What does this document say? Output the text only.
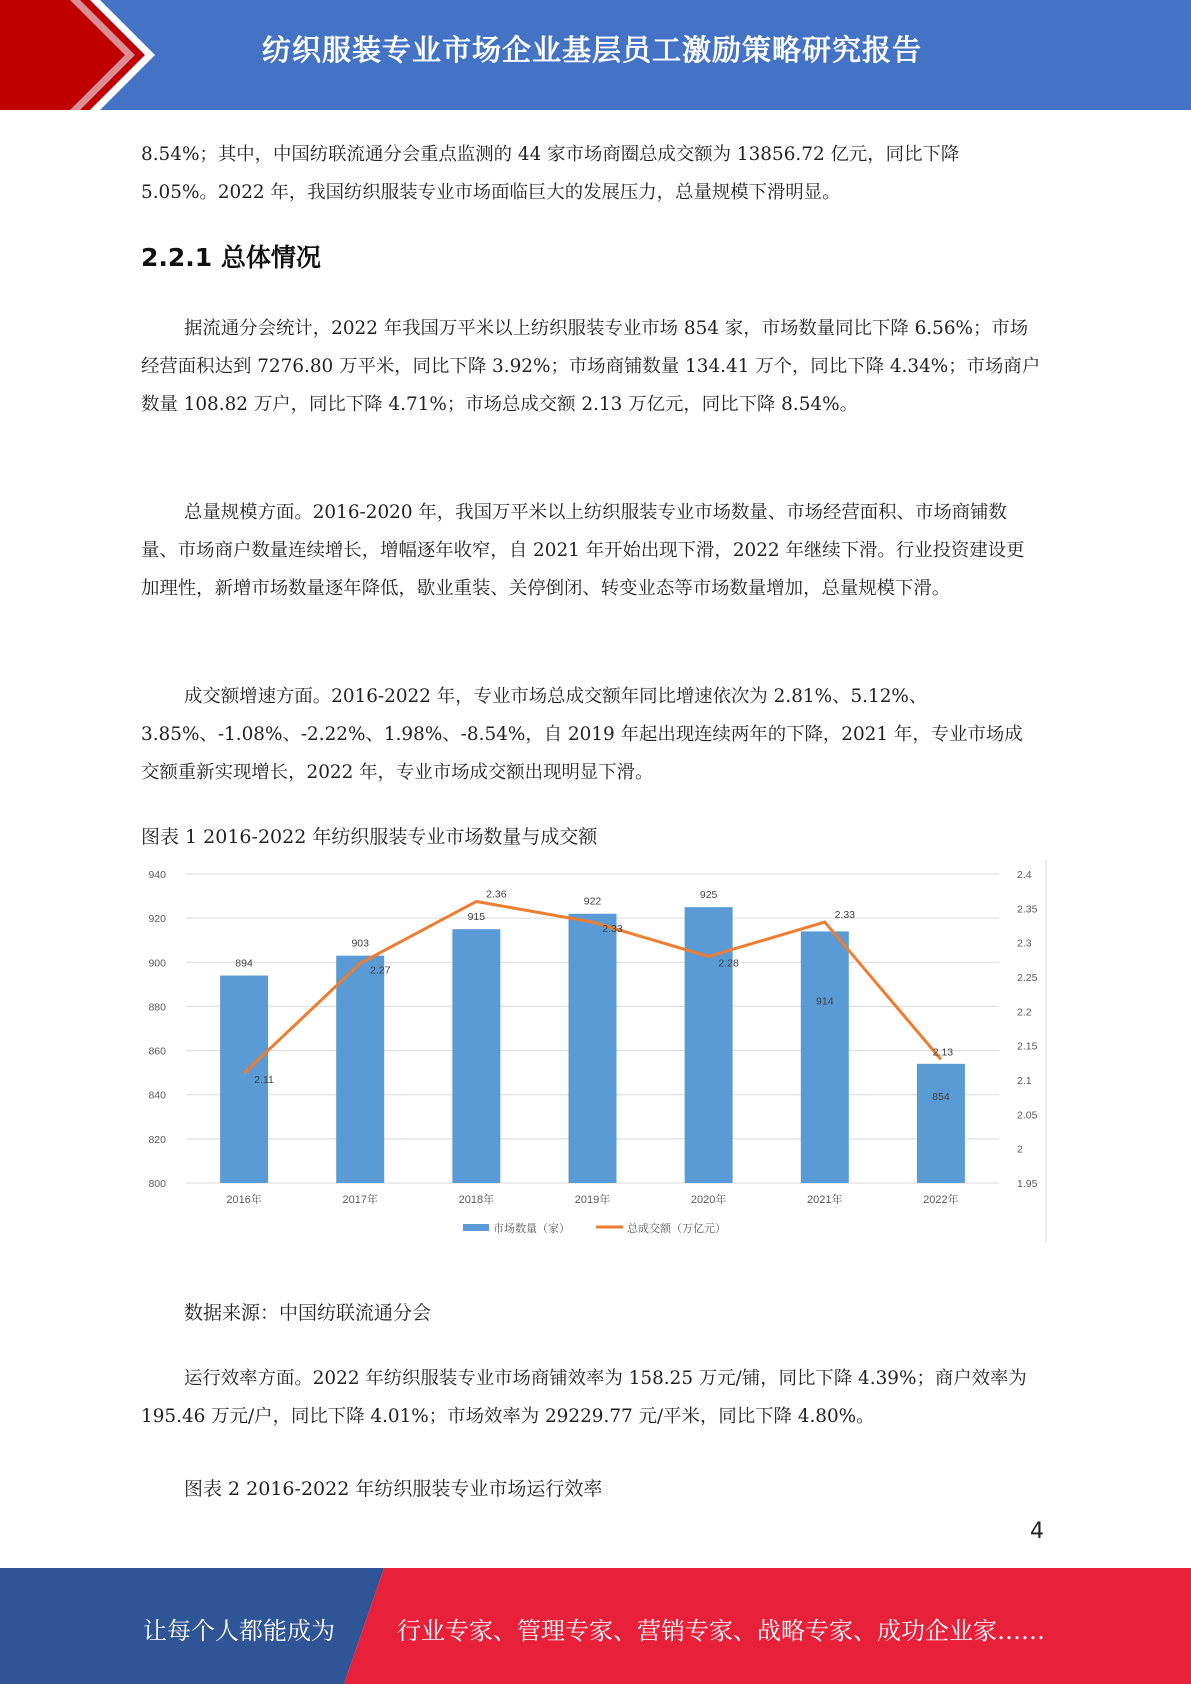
纺织服装专业市场企业基层员工激励策略研究报告

8.54%；其中，中国纺联流通分会重点监测的 44 家市场商圈总成交额为 13856.72 亿元，同比下降 5.05%。2022 年，我国纺织服装专业市场面临巨大的发展压力，总量规模下滑明显。

2.2.1 总体情况

据流通分会统计，2022 年我国万平米以上纺织服装专业市场 854 家，市场数量同比下降 6.56%；市场经营面积达到 7276.80 万平米，同比下降 3.92%；市场商铺数量 134.41 万个，同比下降 4.34%；市场商户数量 108.82 万户，同比下降 4.71%；市场总成交额 2.13 万亿元，同比下降 8.54%。

总量规模方面。2016-2020 年，我国万平米以上纺织服装专业市场数量、市场经营面积、市场商铺数量、市场商户数量连续增长，增幅逐年收窄，自 2021 年开始出现下滑，2022 年继续下滑。行业投资建设更加理性，新增市场数量逐年降低，歇业重装、关停倒闭、转变业态等市场数量增加，总量规模下滑。

成交额增速方面。2016-2022 年，专业市场总成交额年同比增速依次为 2.81%、5.12%、3.85%、-1.08%、-2.22%、1.98%、-8.54%，自 2019 年起出现连续两年的下降，2021 年，专业市场成交额重新实现增长，2022 年，专业市场成交额出现明显下滑。

图表 1 2016-2022 年纺织服装专业市场数量与成交额
800
820
840
860
880
900
920
940
1.95
2
2.05
2.1
2.15
2.2
2.25
2.3
2.35
2.4
2016年	2017年	2018年	2019年	2020年	2021年	2022年
894
903
915
922
925
914
854
2.11
2.27
2.36
2.33
2.28
2.33
2.13
市场数量（家）	总成交额（万亿元）
数据来源：中国纺联流通分会

运行效率方面。2022 年纺织服装专业市场商铺效率为 158.25 万元/铺，同比下降 4.39%；商户效率为 195.46 万元/户，同比下降 4.01%；市场效率为 29229.77 元/平米，同比下降 4.80%。

图表 2 2016-2022 年纺织服装专业市场运行效率
4
让每个人都能成为	行业专家、管理专家、营销专家、战略专家、成功企业家……
